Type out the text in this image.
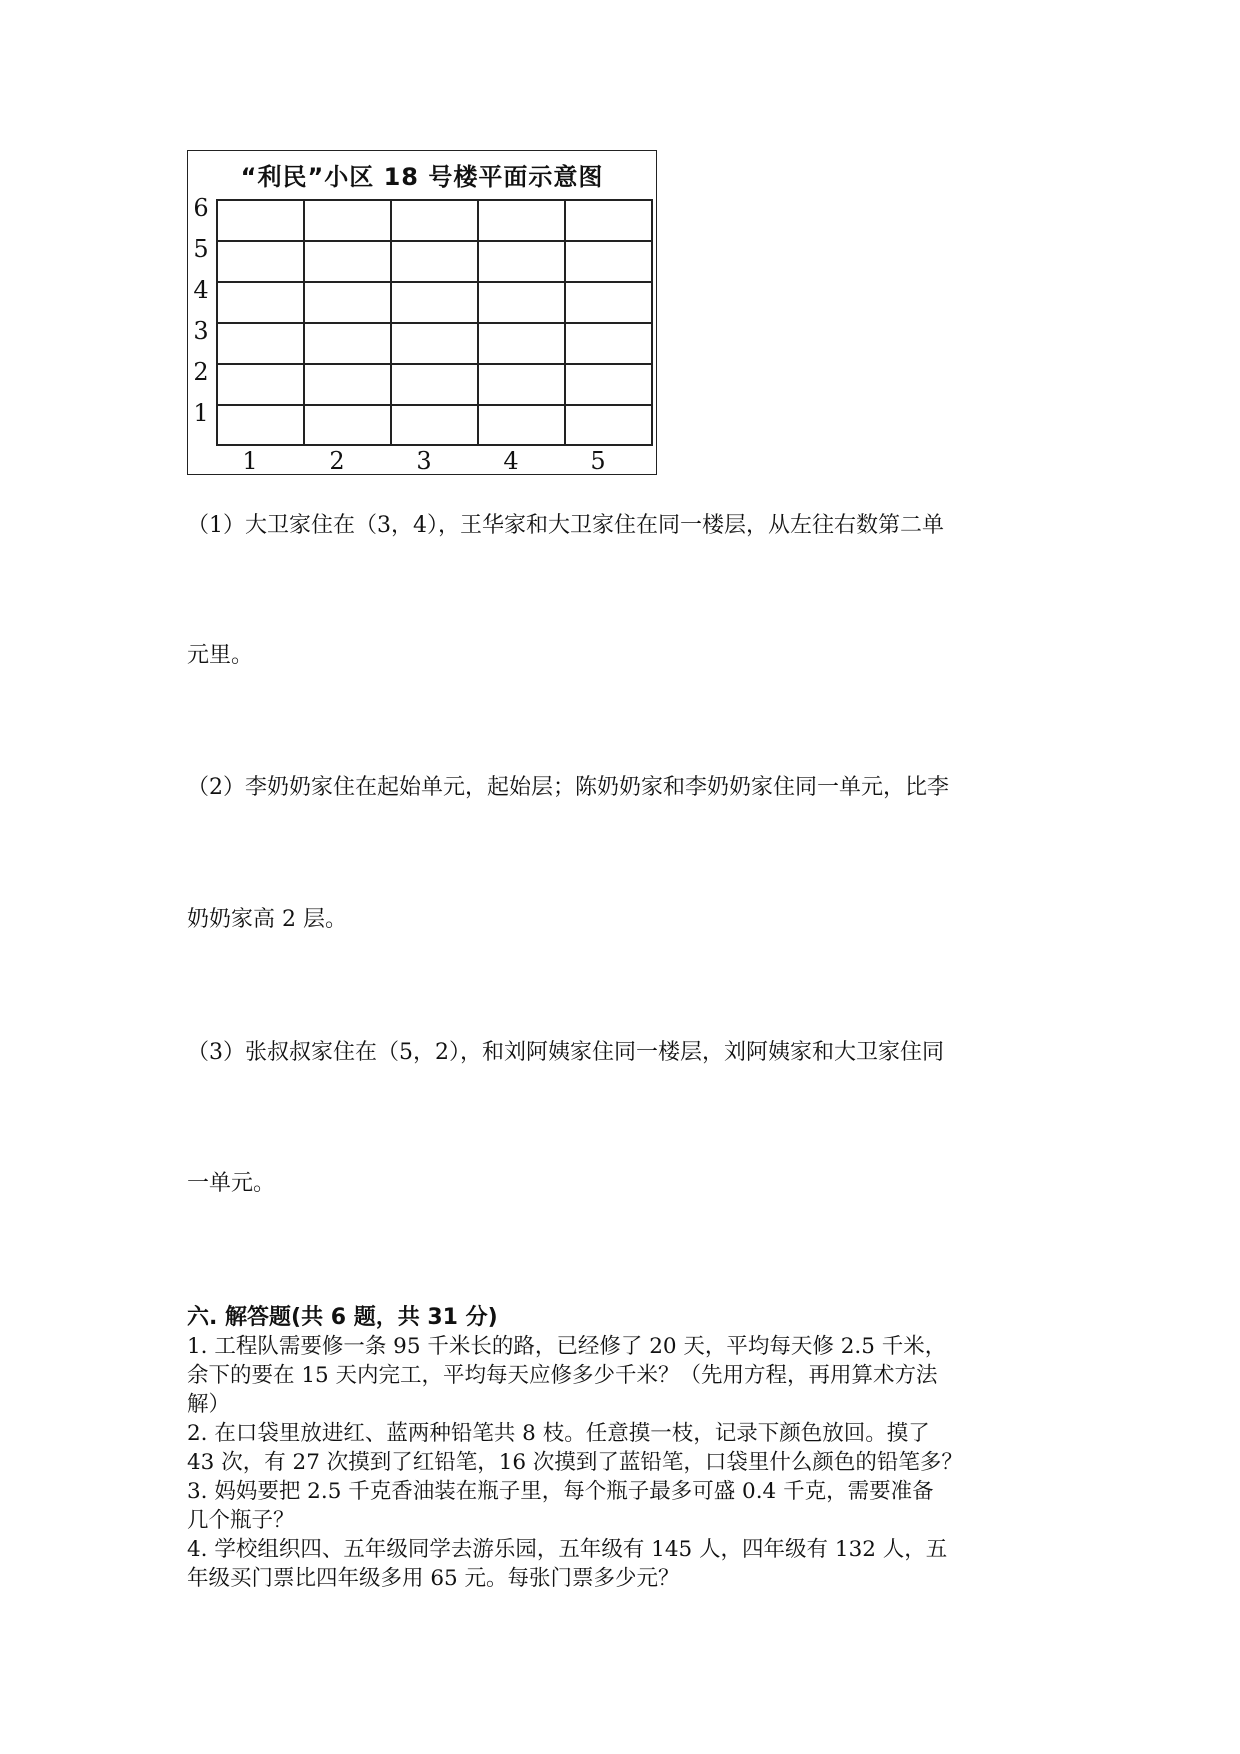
“利民”小区 18 号楼平面示意图
6
5
4
3
2
1
1	2	3	4	5
（1）大卫家住在（3，4），王华家和大卫家住在同一楼层，从左往右数第二单
元里。
（2）李奶奶家住在起始单元，起始层；陈奶奶家和李奶奶家住同一单元，比李
奶奶家高 2 层。
（3）张叔叔家住在（5，2），和刘阿姨家住同一楼层，刘阿姨家和大卫家住同
一单元。
六. 解答题(共 6 题，共 31 分)
1. 工程队需要修一条 95 千米长的路，已经修了 20 天，平均每天修 2.5 千米，
余下的要在 15 天内完工，平均每天应修多少千米？（先用方程，再用算术方法
解）
2. 在口袋里放进红、蓝两种铅笔共 8 枝。任意摸一枝，记录下颜色放回。摸了
43 次，有 27 次摸到了红铅笔，16 次摸到了蓝铅笔，口袋里什么颜色的铅笔多？
3. 妈妈要把 2.5 千克香油装在瓶子里，每个瓶子最多可盛 0.4 千克，需要准备
几个瓶子？
4. 学校组织四、五年级同学去游乐园，五年级有 145 人，四年级有 132 人，五
年级买门票比四年级多用 65 元。每张门票多少元？
